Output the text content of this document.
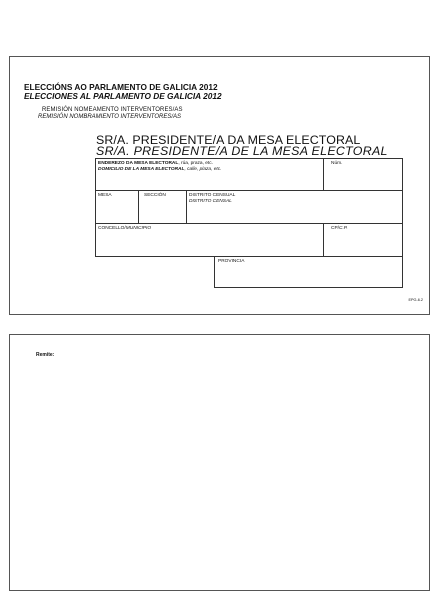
ELECCIÓNS AO PARLAMENTO DE GALICIA 2012
ELECCIONES AL PARLAMENTO DE GALICIA 2012
REMISIÓN NOMEAMENTO INTERVENTORES/AS
REMISIÓN NOMBRAMIENTO INTERVENTORES/AS
SR/A. PRESIDENTE/A DA MESA ELECTORAL
SR/A. PRESIDENTE/A DE LA MESA ELECTORAL
ENDEREZO DA MESA ELECTORAL, rúa, praza, etc.
DOMICILIO DE LA MESA ELECTORAL, calle, plaza, etc.
Núm.
MESA	SECCIÓN	DISTRITO CENSUAL
DISTRITO CENSAL
CONCELLO/MUNICIPIO	CP/C.P.
PROVINCIA
EPG-6.2
Remite:
